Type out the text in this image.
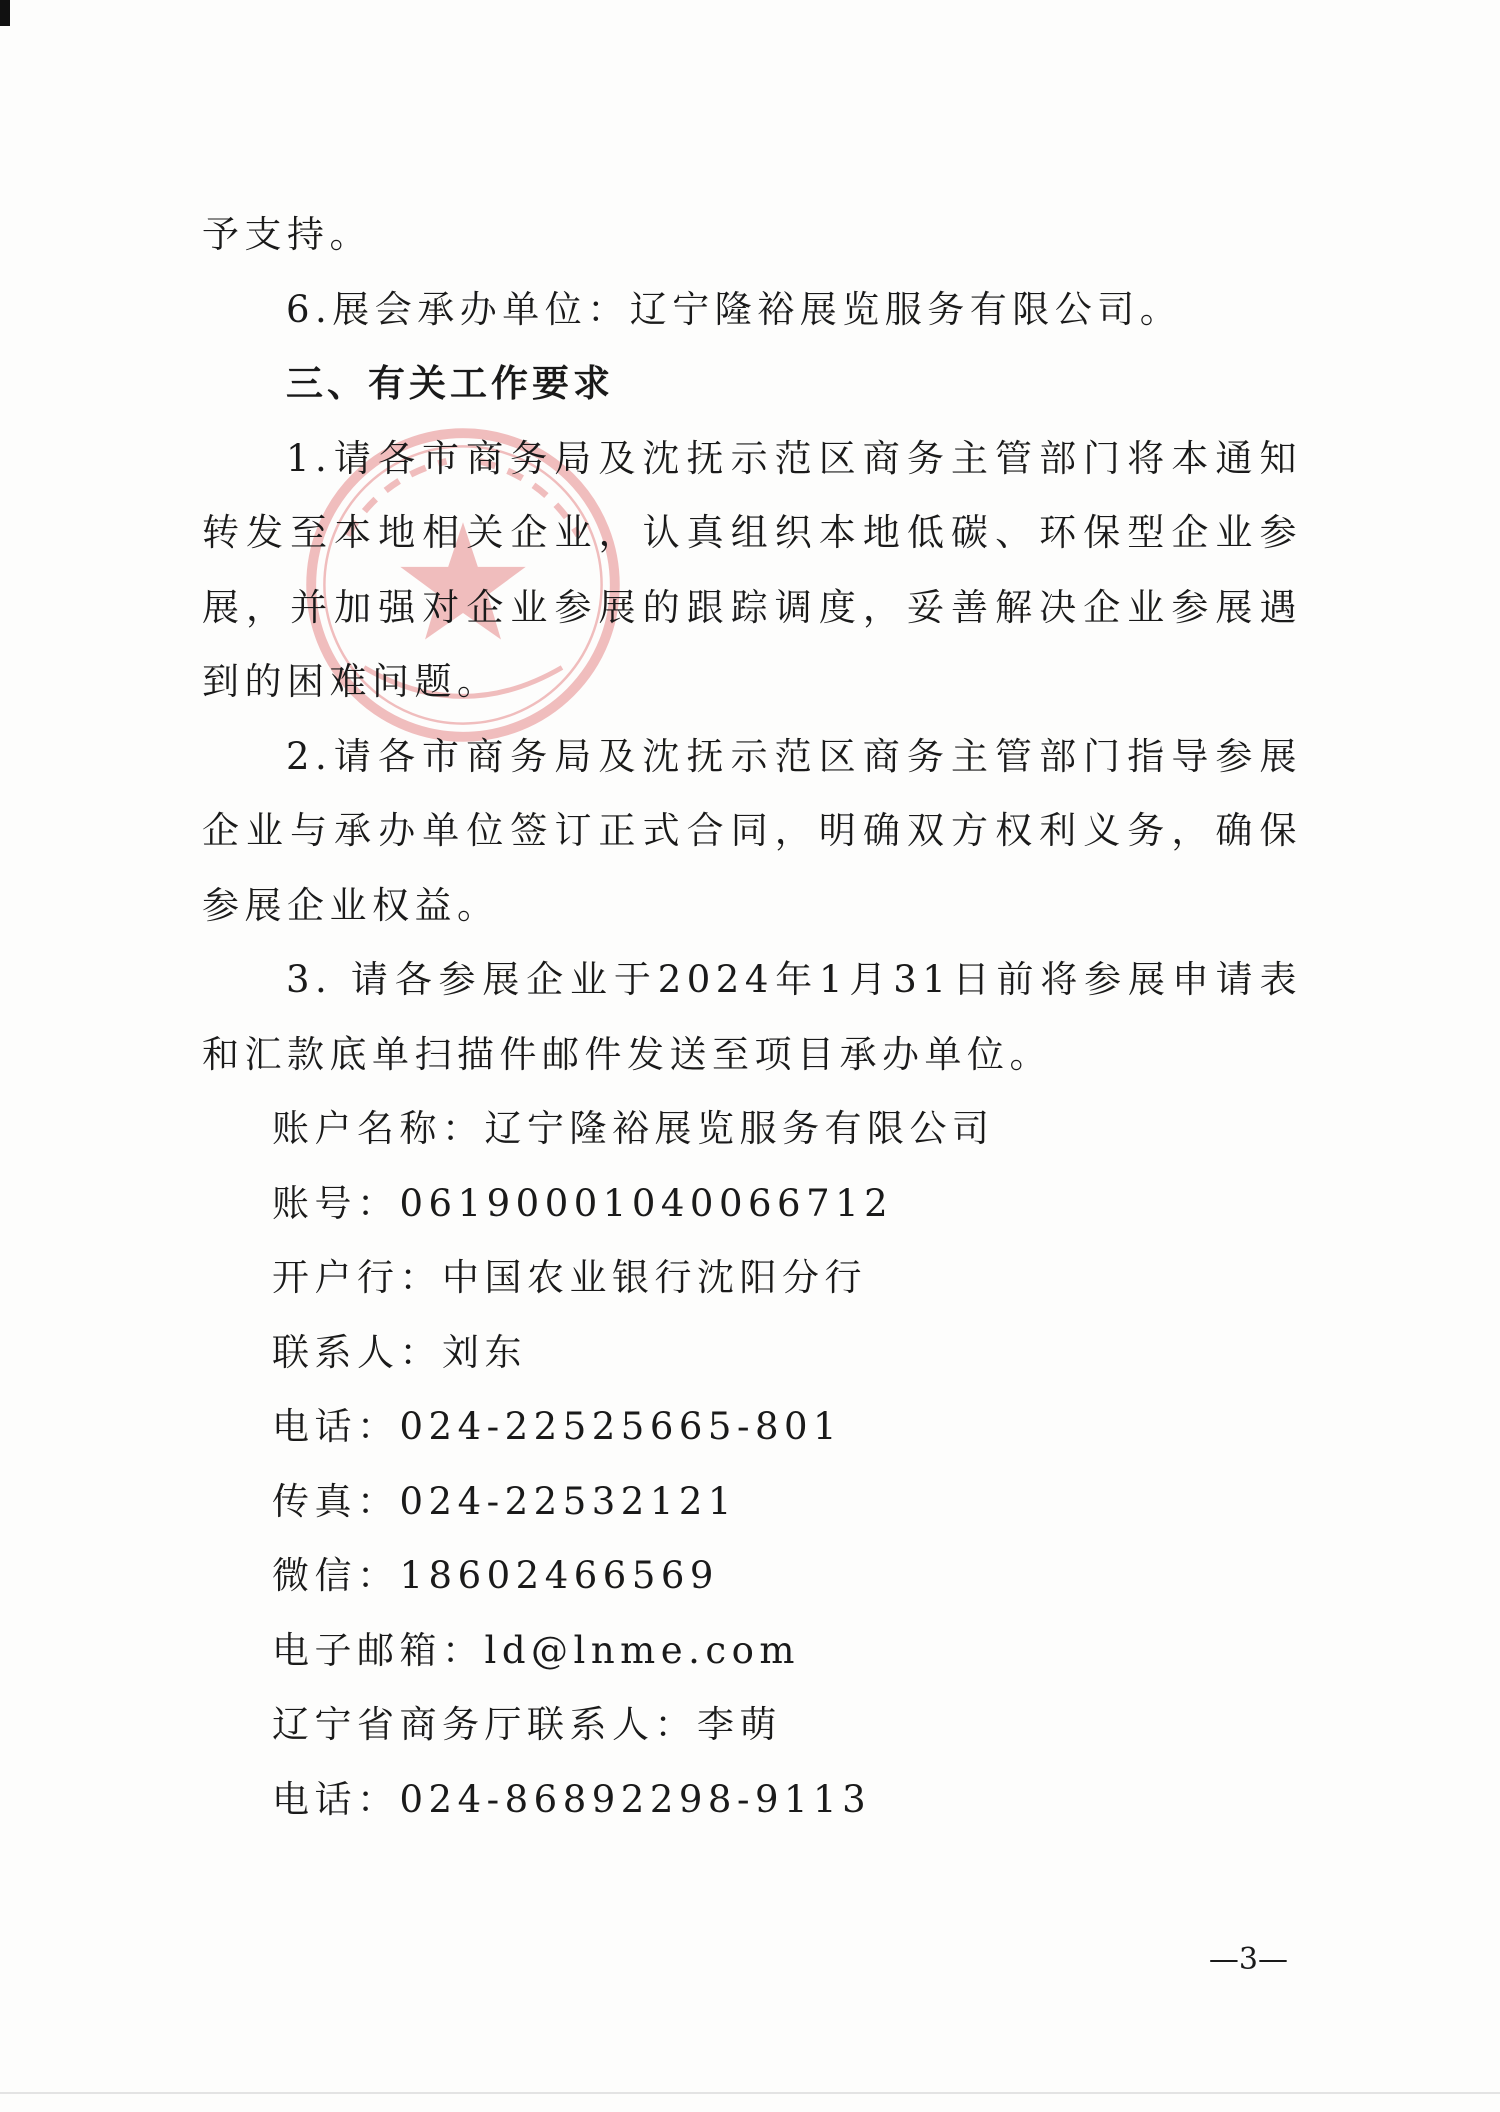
予支持。

6.展会承办单位：辽宁隆裕展览服务有限公司。

三、有关工作要求

1.请各市商务局及沈抚示范区商务主管部门将本通知转发至本地相关企业，认真组织本地低碳、环保型企业参展，并加强对企业参展的跟踪调度，妥善解决企业参展遇到的困难问题。

2.请各市商务局及沈抚示范区商务主管部门指导参展企业与承办单位签订正式合同，明确双方权利义务，确保参展企业权益。

3. 请各参展企业于2024年1月31日前将参展申请表和汇款底单扫描件邮件发送至项目承办单位。

账户名称：辽宁隆裕展览服务有限公司

账号：06190001040066712

开户行：中国农业银行沈阳分行

联系人：刘东

电话：024-22525665-801

传真：024-22532121

微信：18602466569

电子邮箱：ld@lnme.com

辽宁省商务厅联系人：李萌

电话：024-86892298-9113

—3—
